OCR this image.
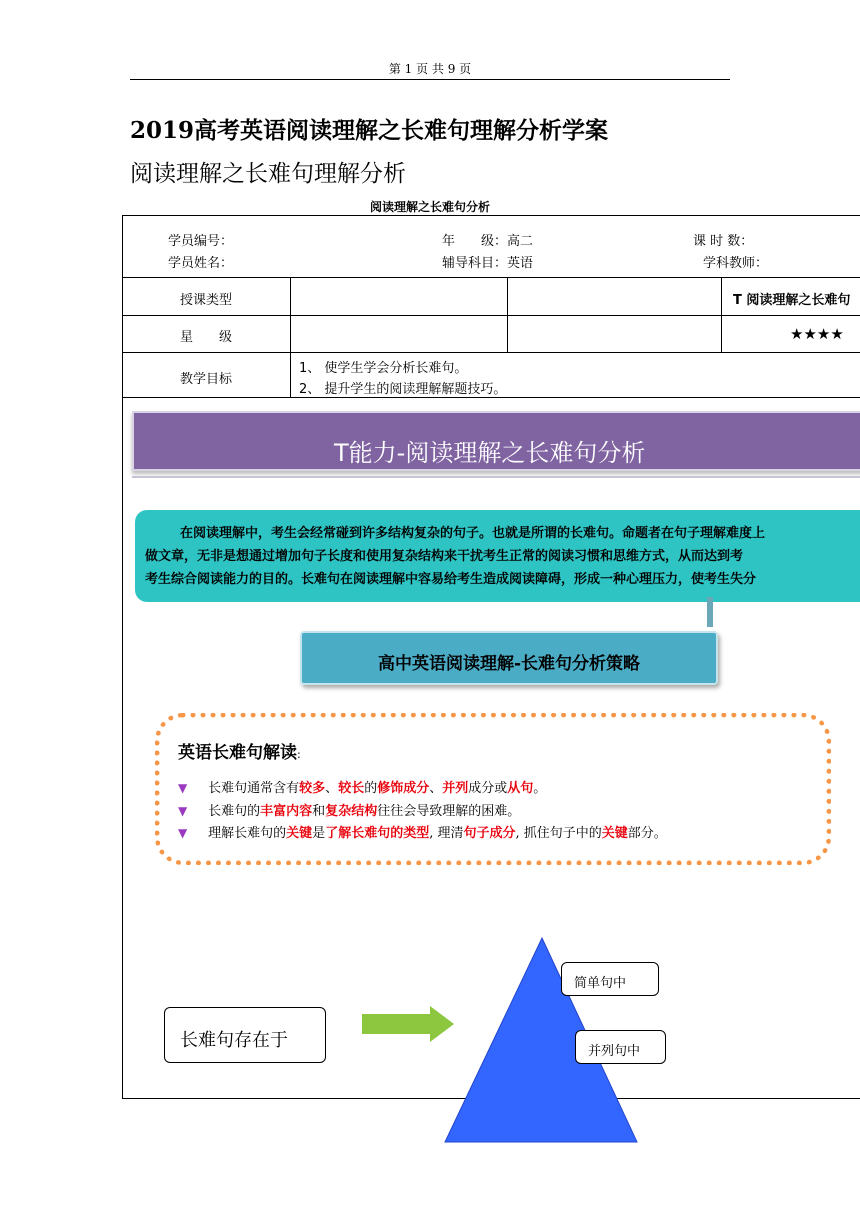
第 1 页 共 9 页
2019高考英语阅读理解之长难句理解分析学案
阅读理解之长难句理解分析
阅读理解之长难句分析
学员编号：
学员姓名：
年　　级：高二
辅导科目：英语
课 时 数：
学科教师：
授课类型	T 阅读理解之长难句
星　　级	★★★★
教学目标
1、 使学生学会分析长难句。
2、 提升学生的阅读理解解题技巧。
T能力-阅读理解之长难句分析

在阅读理解中，考生会经常碰到许多结构复杂的句子。也就是所谓的长难句。命题者在句子理解难度上

做文章，无非是想通过增加句子长度和使用复杂结构来干扰考生正常的阅读习惯和思维方式，从而达到考

考生综合阅读能力的目的。长难句在阅读理解中容易给考生造成阅读障碍，形成一种心理压力，使考生失分

高中英语阅读理解-长难句分析策略
英语长难句解读:
▼ 长难句通常含有较多、较长的修饰成分、并列成分或从句。
▼ 长难句的丰富内容和复杂结构往往会导致理解的困难。
▼ 理解长难句的关键是了解长难句的类型, 理清句子成分, 抓住句子中的关键部分。
长难句存在于
简单句中
并列句中
